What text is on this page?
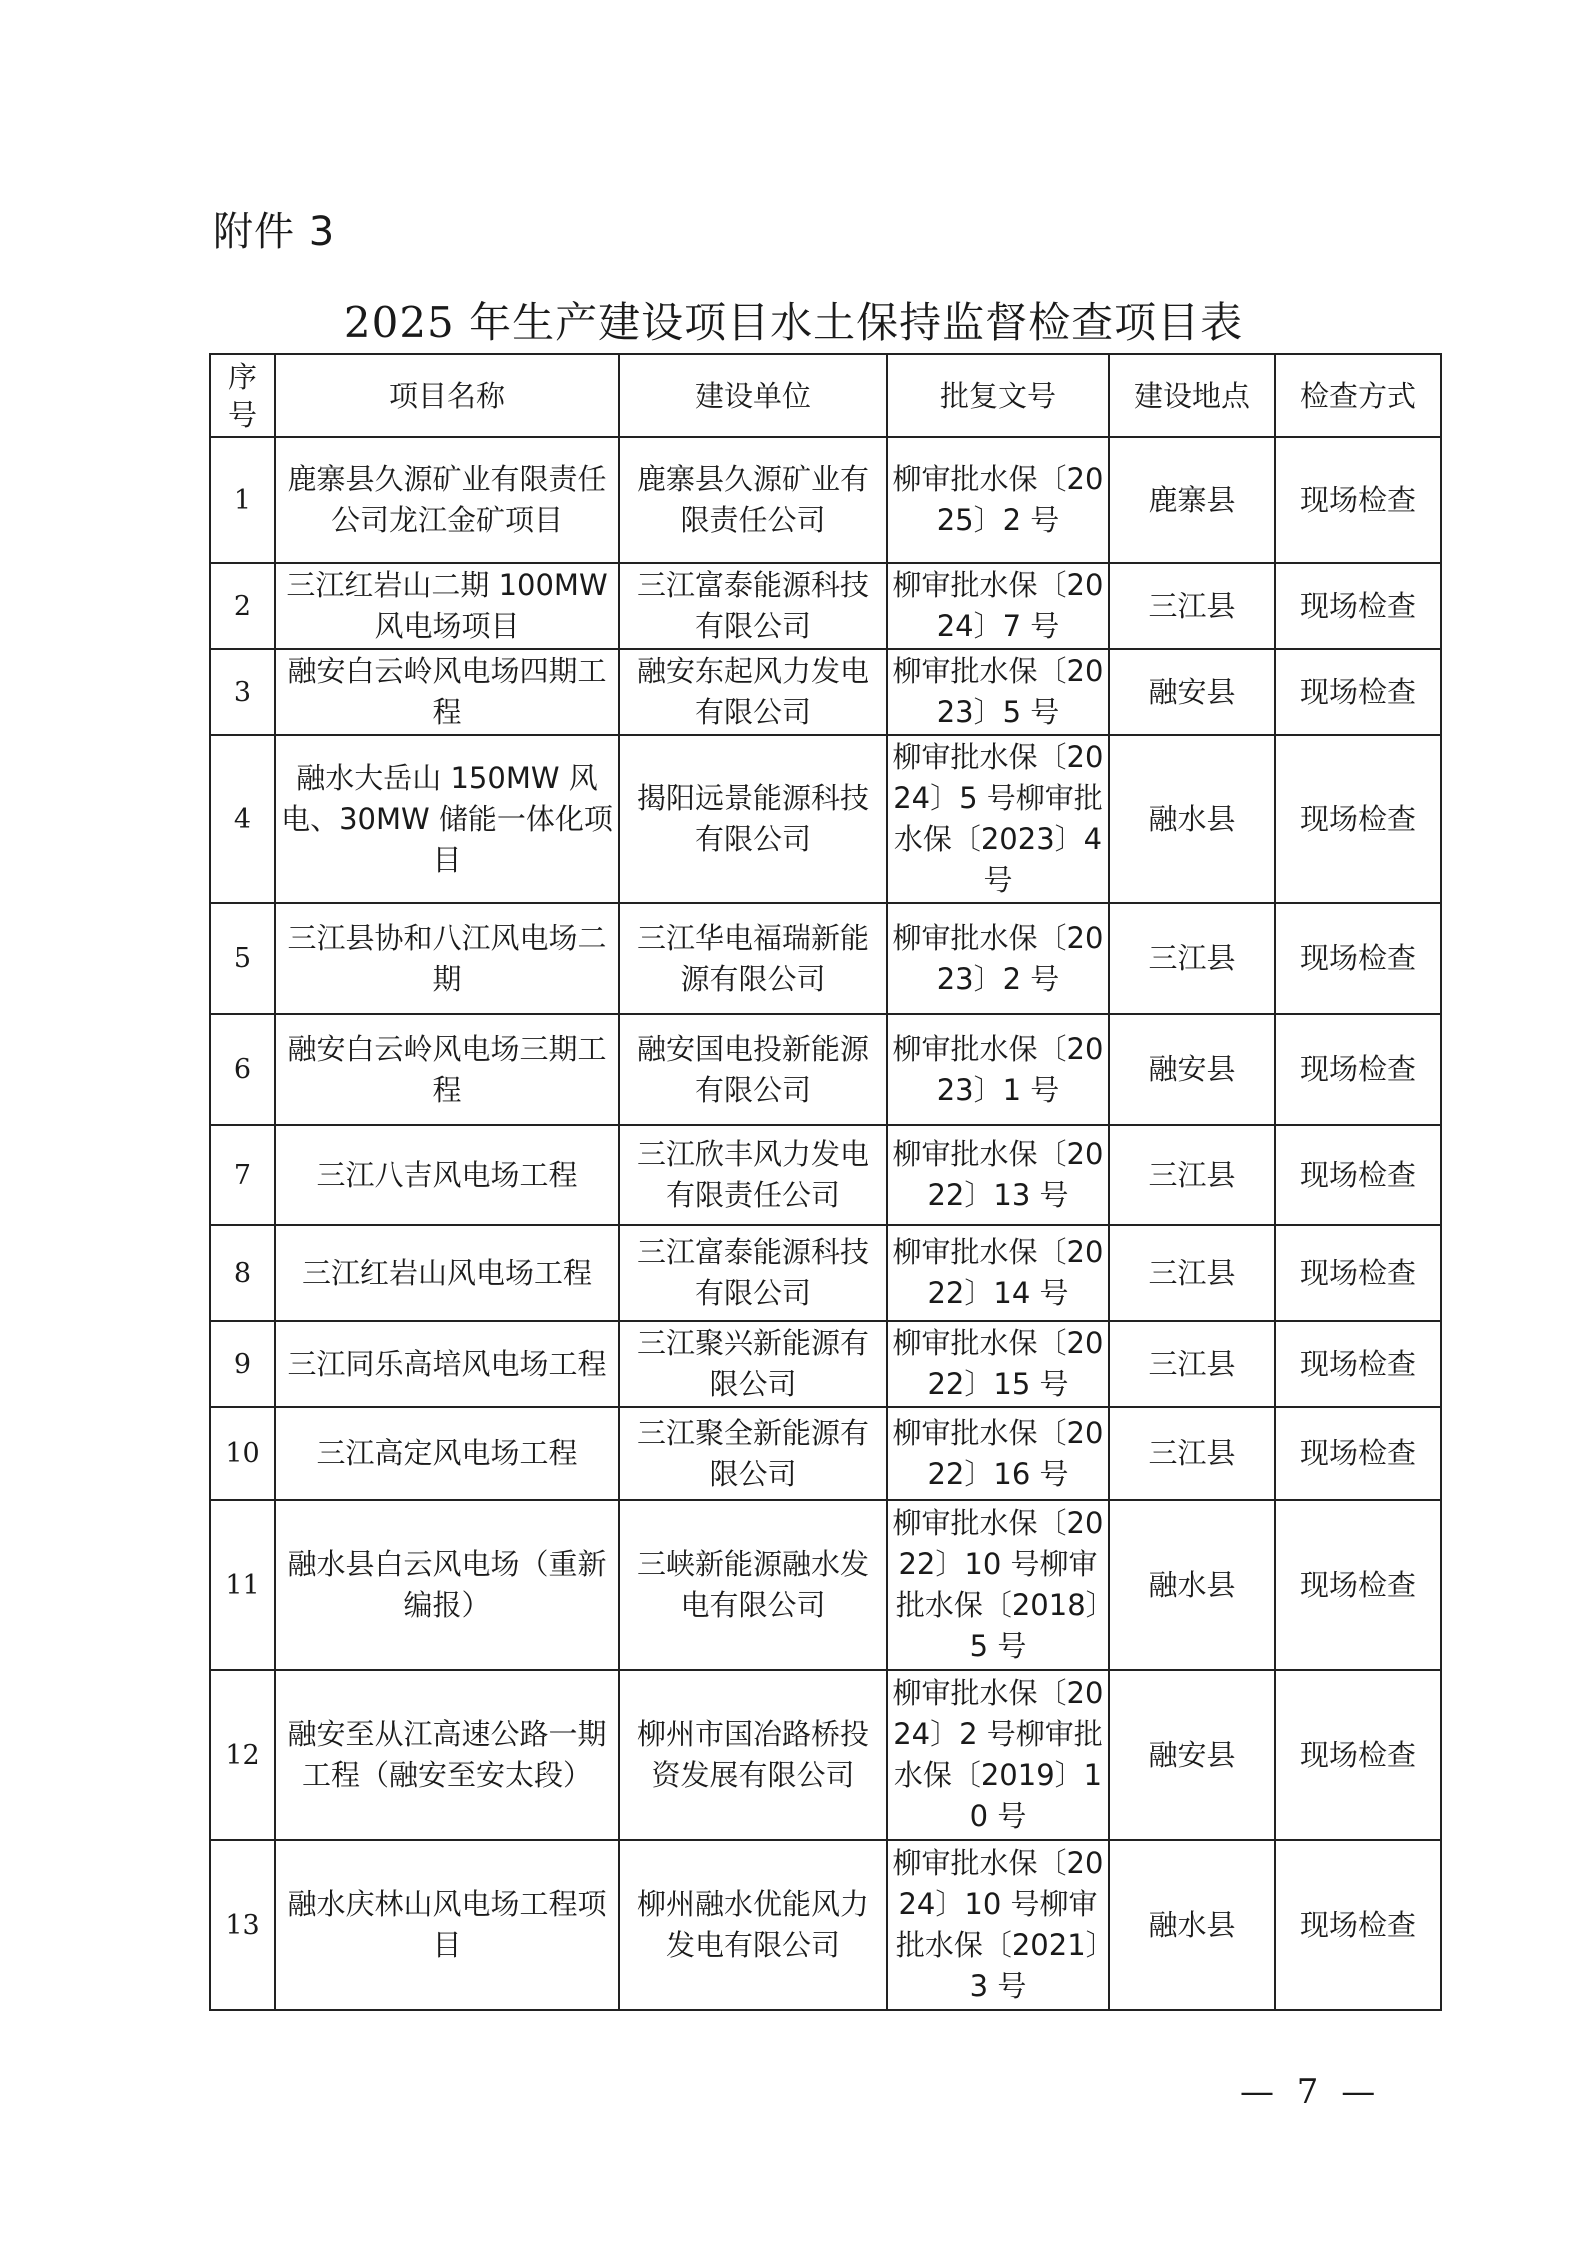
附件 3
2025 年生产建设项目水土保持监督检查项目表
序号	项目名称	建设单位	批复文号	建设地点	检查方式
1	鹿寨县久源矿业有限责任公司龙江金矿项目	鹿寨县久源矿业有限责任公司	柳审批水保〔2025〕2 号	鹿寨县	现场检查
2	三江红岩山二期 100MW 风电场项目	三江富泰能源科技有限公司	柳审批水保〔2024〕7 号	三江县	现场检查
3	融安白云岭风电场四期工程	融安东起风力发电有限公司	柳审批水保〔2023〕5 号	融安县	现场检查
4	融水大岳山 150MW 风电、30MW 储能一体化项目	揭阳远景能源科技有限公司	柳审批水保〔2024〕5 号柳审批水保〔2023〕4 号	融水县	现场检查
5	三江县协和八江风电场二期	三江华电福瑞新能源有限公司	柳审批水保〔2023〕2 号	三江县	现场检查
6	融安白云岭风电场三期工程	融安国电投新能源有限公司	柳审批水保〔2023〕1 号	融安县	现场检查
7	三江八吉风电场工程	三江欣丰风力发电有限责任公司	柳审批水保〔2022〕13 号	三江县	现场检查
8	三江红岩山风电场工程	三江富泰能源科技有限公司	柳审批水保〔2022〕14 号	三江县	现场检查
9	三江同乐高培风电场工程	三江聚兴新能源有限公司	柳审批水保〔2022〕15 号	三江县	现场检查
10	三江高定风电场工程	三江聚全新能源有限公司	柳审批水保〔2022〕16 号	三江县	现场检查
11	融水县白云风电场（重新编报）	三峡新能源融水发电有限公司	柳审批水保〔2022〕10 号柳审批水保〔2018〕5 号	融水县	现场检查
12	融安至从江高速公路一期工程（融安至安太段）	柳州市国冶路桥投资发展有限公司	柳审批水保〔2024〕2 号柳审批水保〔2019〕10 号	融安县	现场检查
13	融水庆林山风电场工程项目	柳州融水优能风力发电有限公司	柳审批水保〔2024〕10 号柳审批水保〔2021〕3 号	融水县	现场检查
— 7 —
